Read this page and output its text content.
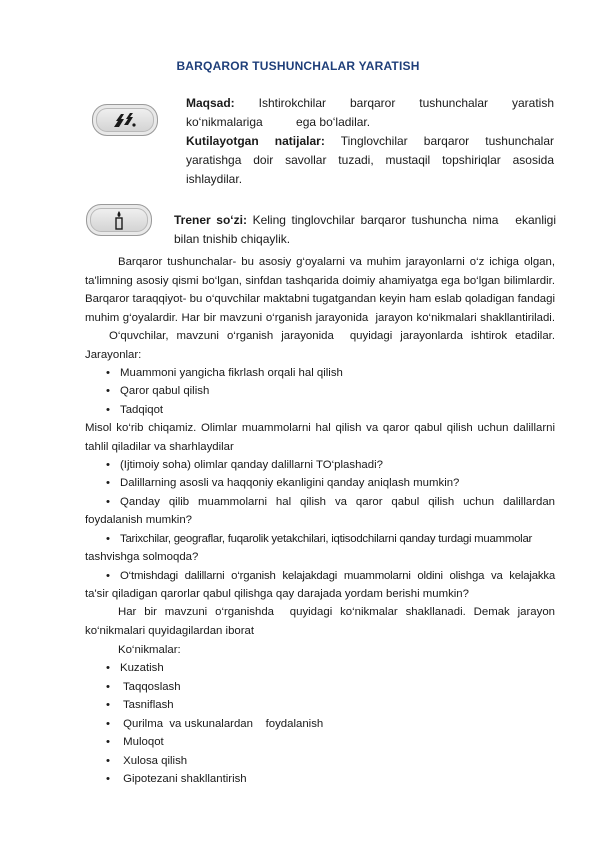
BARQAROR TUSHUNCHALAR YARATISH
Maqsad: Ishtirokchilar barqaror tushunchalar yaratish
ko‘nikmalariga          ega bo‘ladilar.
Kutilayotgan natijalar: Tinglovchilar barqaror tushunchalar
yaratishga doir savollar tuzadi, mustaqil topshiriqlar asosida
ishlaydilar.
Trener so‘zi: Keling tinglovchilar barqaror tushuncha nima   ekanligi
bilan tnishib chiqaylik.
Barqaror tushunchalar- bu asosiy g‘oyalarni va muhim jarayonlarni o‘z ichiga olgan,
ta'limning asosiy qismi bo‘lgan, sinfdan tashqarida doimiy ahamiyatga ega bo‘lgan bilimlardir.
Barqaror taraqqiyot- bu o‘quvchilar maktabni tugatgandan keyin ham eslab qoladigan fandagi
muhim g‘oyalardir. Har bir mavzuni o‘rganish jarayonida  jarayon ko‘nikmalari shakllantiriladi.
O‘quvchilar, mavzuni o‘rganish jarayonida  quyidagi jarayonlarda ishtirok etadilar.
Jarayonlar:
• Muammoni yangicha fikrlash orqali hal qilish
• Qaror qabul qilish
• Tadqiqot
Misol ko‘rib chiqamiz. Olimlar muammolarni hal qilish va qaror qabul qilish uchun dalillarni
tahlil qiladilar va sharhlaydilar
• (Ijtimoiy soha) olimlar qanday dalillarni TO‘plashadi?
• Dalillarning asosli va haqqoniy ekanligini qanday aniqlash mumkin?
• Qanday qilib muammolarni hal qilish va qaror qabul qilish uchun dalillardan
foydalanish mumkin?
• Tarixchilar, geograflar, fuqarolik yetakchilari, iqtisodchilarni qanday turdagi muammolar
tashvishga solmoqda?
• O‘tmishdagi dalillarni o‘rganish kelajakdagi muammolarni oldini olishga va kelajakka
ta'sir qiladigan qarorlar qabul qilishga qay darajada yordam berishi mumkin?
Har bir mavzuni o‘rganishda  quyidagi ko‘nikmalar shakllanadi. Demak jarayon
ko‘nikmalari quyidagilardan iborat
Ko‘nikmalar:
• Kuzatish
• Taqqoslash
• Tasniflash
• Qurilma  va uskunalardan    foydalanish
• Muloqot
• Xulosa qilish
• Gipotezani shakllantirish
